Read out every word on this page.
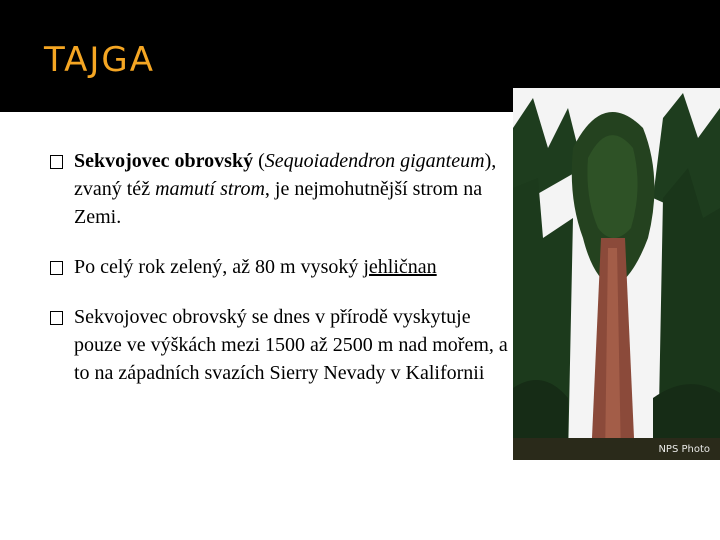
TAJGA
Sekvojovec obrovský (Sequoiadendron giganteum), zvaný též mamutí strom, je nejmohutnější strom na Zemi.
Po celý rok zelený, až 80 m vysoký jehličnan
Sekvojovec obrovský se dnes v přírodě vyskytuje pouze ve výškách mezi 1500 až 2500 m nad mořem, a to na západních svazích Sierry Nevady v Kalifornii
NPS Photo
